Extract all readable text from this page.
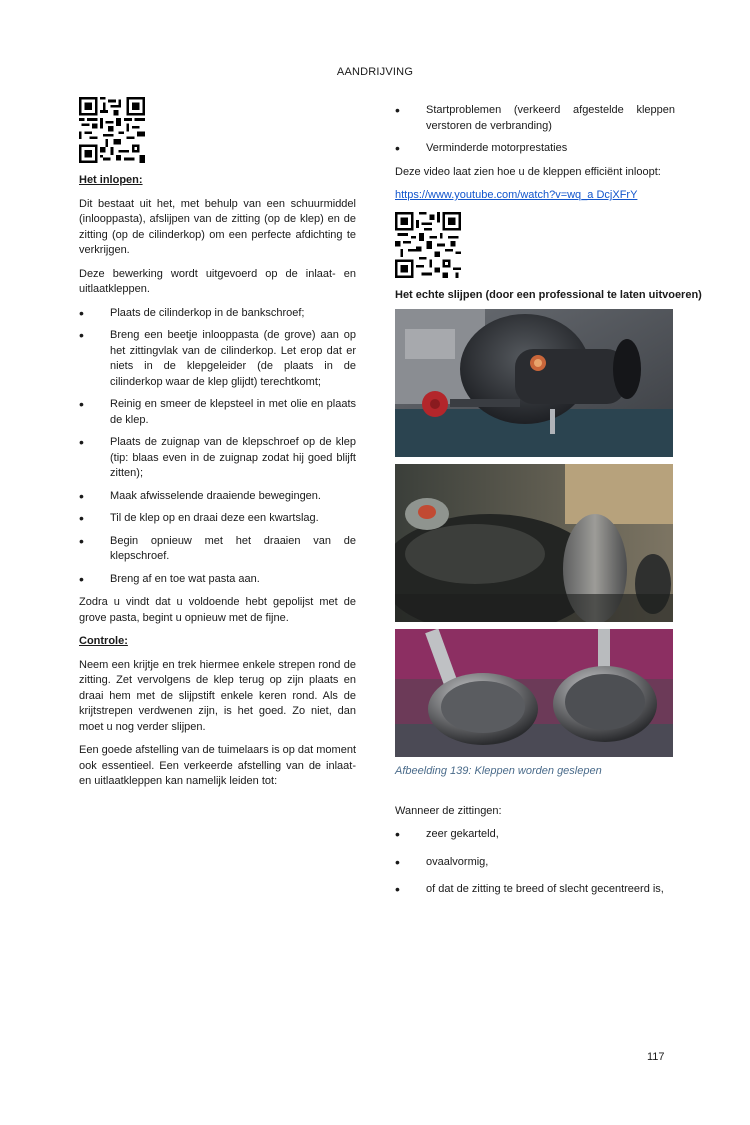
AANDRIJVING
Het inlopen:

Dit bestaat uit het, met behulp van een schuurmiddel (inlooppasta), afslijpen van de zitting (op de klep) en de zitting (op de cilinderkop) om een perfecte afdichting te verkrijgen.

Deze bewerking wordt uitgevoerd op de inlaat- en uitlaatkleppen.

• Plaats de cilinderkop in de bankschroef;
• Breng een beetje inlooppasta (de grove) aan op het zittingvlak van de cilinderkop. Let erop dat er niets in de klepgeleider (de plaats in de cilinderkop waar de klep glijdt) terechtkomt;
• Reinig en smeer de klepsteel in met olie en plaats de klep.
• Plaats de zuignap van de klepschroef op de klep (tip: blaas even in de zuignap zodat hij goed blijft zitten);
• Maak afwisselende draaiende bewegingen.
• Til de klep op en draai deze een kwartslag.
• Begin opnieuw met het draaien van de klepschroef.
• Breng af en toe wat pasta aan.

Zodra u vindt dat u voldoende hebt gepolijst met de grove pasta, begint u opnieuw met de fijne.

Controle:

Neem een krijtje en trek hiermee enkele strepen rond de zitting. Zet vervolgens de klep terug op zijn plaats en draai hem met de slijpstift enkele keren rond. Als de krijtstrepen verdwenen zijn, is het goed. Zo niet, dan moet u nog verder slijpen.

Een goede afstelling van de tuimelaars is op dat moment ook essentieel. Een verkeerde afstelling van de inlaat- en uitlaatkleppen kan namelijk leiden tot:

• Startproblemen (verkeerd afgestelde kleppen verstoren de verbranding)
• Verminderde motorprestaties

Deze video laat zien hoe u de kleppen efficiënt inloopt:

https://www.youtube.com/watch?v=wq_a DcjXFrY

Het echte slijpen (door een professional te laten uitvoeren)
Afbeelding 139: Kleppen worden geslepen

Wanneer de zittingen:

• zeer gekarteld,
• ovaalvormig,
• of dat de zitting te breed of slecht gecentreerd is,
117
